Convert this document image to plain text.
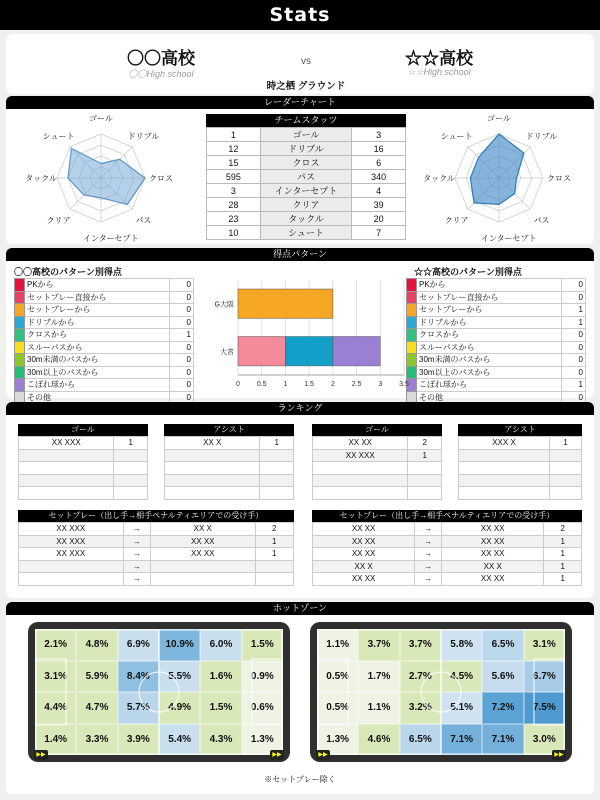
Stats
〇〇高校
〇〇High school
vs	☆☆高校
☆☆High school
時之栖 グラウンド
レーダーチャート
ゴール
ドリブル
クロス
パス
インターセプト
クリア
タックル
シュート
ゴール
ドリブル
クロス
パス
インターセプト
クリア
タックル
シュート
チームスタッツ
1	ゴール	3
12	ドリブル	16
15	クロス	6
595	パス	340
3	インターセプト	4
28	クリア	39
23	タックル	20
10	シュート	7
得点パターン
〇〇高校のパターン別得点	☆☆高校のパターン別得点
	PKから	0
	セットプレー直接から	0
	セットプレーから	0
	ドリブルから	0
	クロスから	1
	スルーパスから	0
	30m未満のパスから	0
	30m以上のパスから	0
	こぼれ球から	0
	その他	0
	PKから	0
	セットプレー直接から	0
	セットプレーから	1
	ドリブルから	1
	クロスから	0
	スルーパスから	0
	30m未満のパスから	0
	30m以上のパスから	0
	こぼれ球から	1
	その他	0
0 0.5 1 1.5 2 2.5 3 3.5
G大阪
大宮
ランキング
ゴール
XX XXX	1

アシスト
XX X	1

ゴール
XX XX	2
XX XXX	1

アシスト
XXX X	1

セットプレー（出し手→相手ペナルティエリアでの受け手）
XX XXX	→	XX X	2
XX XXX	→	XX XX	1
XX XXX	→	XX XX	1
	→		
	→		
セットプレー（出し手→相手ペナルティエリアでの受け手）
XX XX	→	XX XX	2
XX XX	→	XX XX	1
XX XX	→	XX XX	1
XX X	→	XX X	1
XX XX	→	XX XX	1
ホットゾーン
2.1%	4.8%	6.9%	10.9%	6.0%	1.5%
3.1%	5.9%	8.4%	5.5%	1.6%	0.9%
4.4%	4.7%	5.7%	4.9%	1.5%	0.6%
1.4%	3.3%	3.9%	5.4%	4.3%	1.3%
▶▶	▶▶
1.1%	3.7%	3.7%	5.8%	6.5%	3.1%
0.5%	1.7%	2.7%	4.5%	5.6%	6.7%
0.5%	1.1%	3.2%	5.1%	7.2%	7.5%
1.3%	4.6%	6.5%	7.1%	7.1%	3.0%
▶▶	▶▶
※セットプレー除く
